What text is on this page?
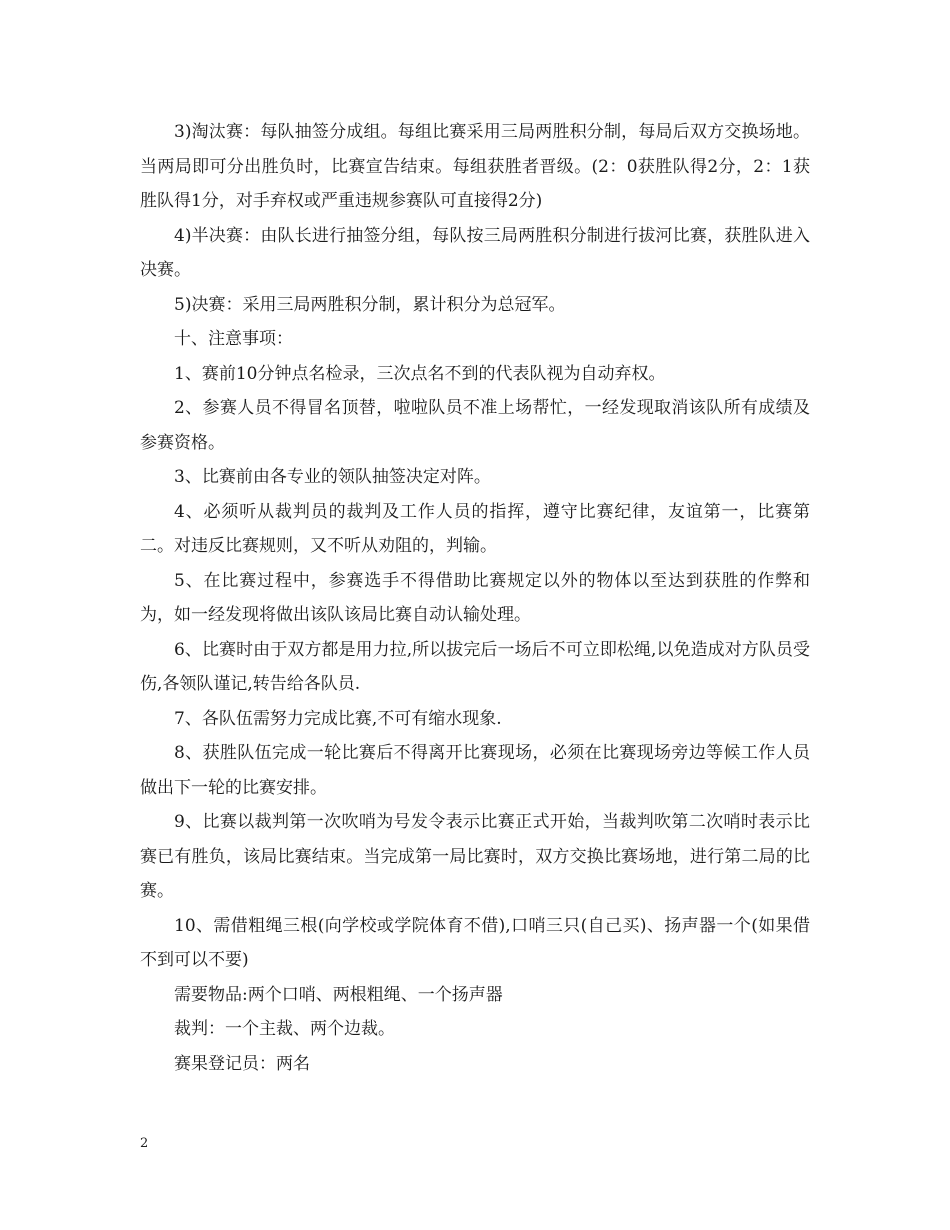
3)淘汰赛：每队抽签分成组。每组比赛采用三局两胜积分制，每局后双方交换场地。当两局即可分出胜负时，比赛宣告结束。每组获胜者晋级。(2：0获胜队得2分，2：1获胜队得1分，对手弃权或严重违规参赛队可直接得2分)

4)半决赛：由队长进行抽签分组，每队按三局两胜积分制进行拔河比赛，获胜队进入决赛。

5)决赛：采用三局两胜积分制，累计积分为总冠军。

十、注意事项：

1、赛前10分钟点名检录，三次点名不到的代表队视为自动弃权。

2、参赛人员不得冒名顶替，啦啦队员不准上场帮忙，一经发现取消该队所有成绩及参赛资格。

3、比赛前由各专业的领队抽签决定对阵。

4、必须听从裁判员的裁判及工作人员的指挥，遵守比赛纪律，友谊第一，比赛第二。对违反比赛规则，又不听从劝阻的，判输。

5、在比赛过程中，参赛选手不得借助比赛规定以外的物体以至达到获胜的作弊和为，如一经发现将做出该队该局比赛自动认输处理。

6、比赛时由于双方都是用力拉,所以拔完后一场后不可立即松绳,以免造成对方队员受伤,各领队谨记,转告给各队员.

7、各队伍需努力完成比赛,不可有缩水现象.

8、获胜队伍完成一轮比赛后不得离开比赛现场，必须在比赛现场旁边等候工作人员做出下一轮的比赛安排。

9、比赛以裁判第一次吹哨为号发令表示比赛正式开始，当裁判吹第二次哨时表示比赛已有胜负，该局比赛结束。当完成第一局比赛时，双方交换比赛场地，进行第二局的比赛。

10、需借粗绳三根(向学校或学院体育不借),口哨三只(自己买)、扬声器一个(如果借不到可以不要)

需要物品:两个口哨、两根粗绳、一个扬声器

裁判：一个主裁、两个边裁。

赛果登记员：两名

2
